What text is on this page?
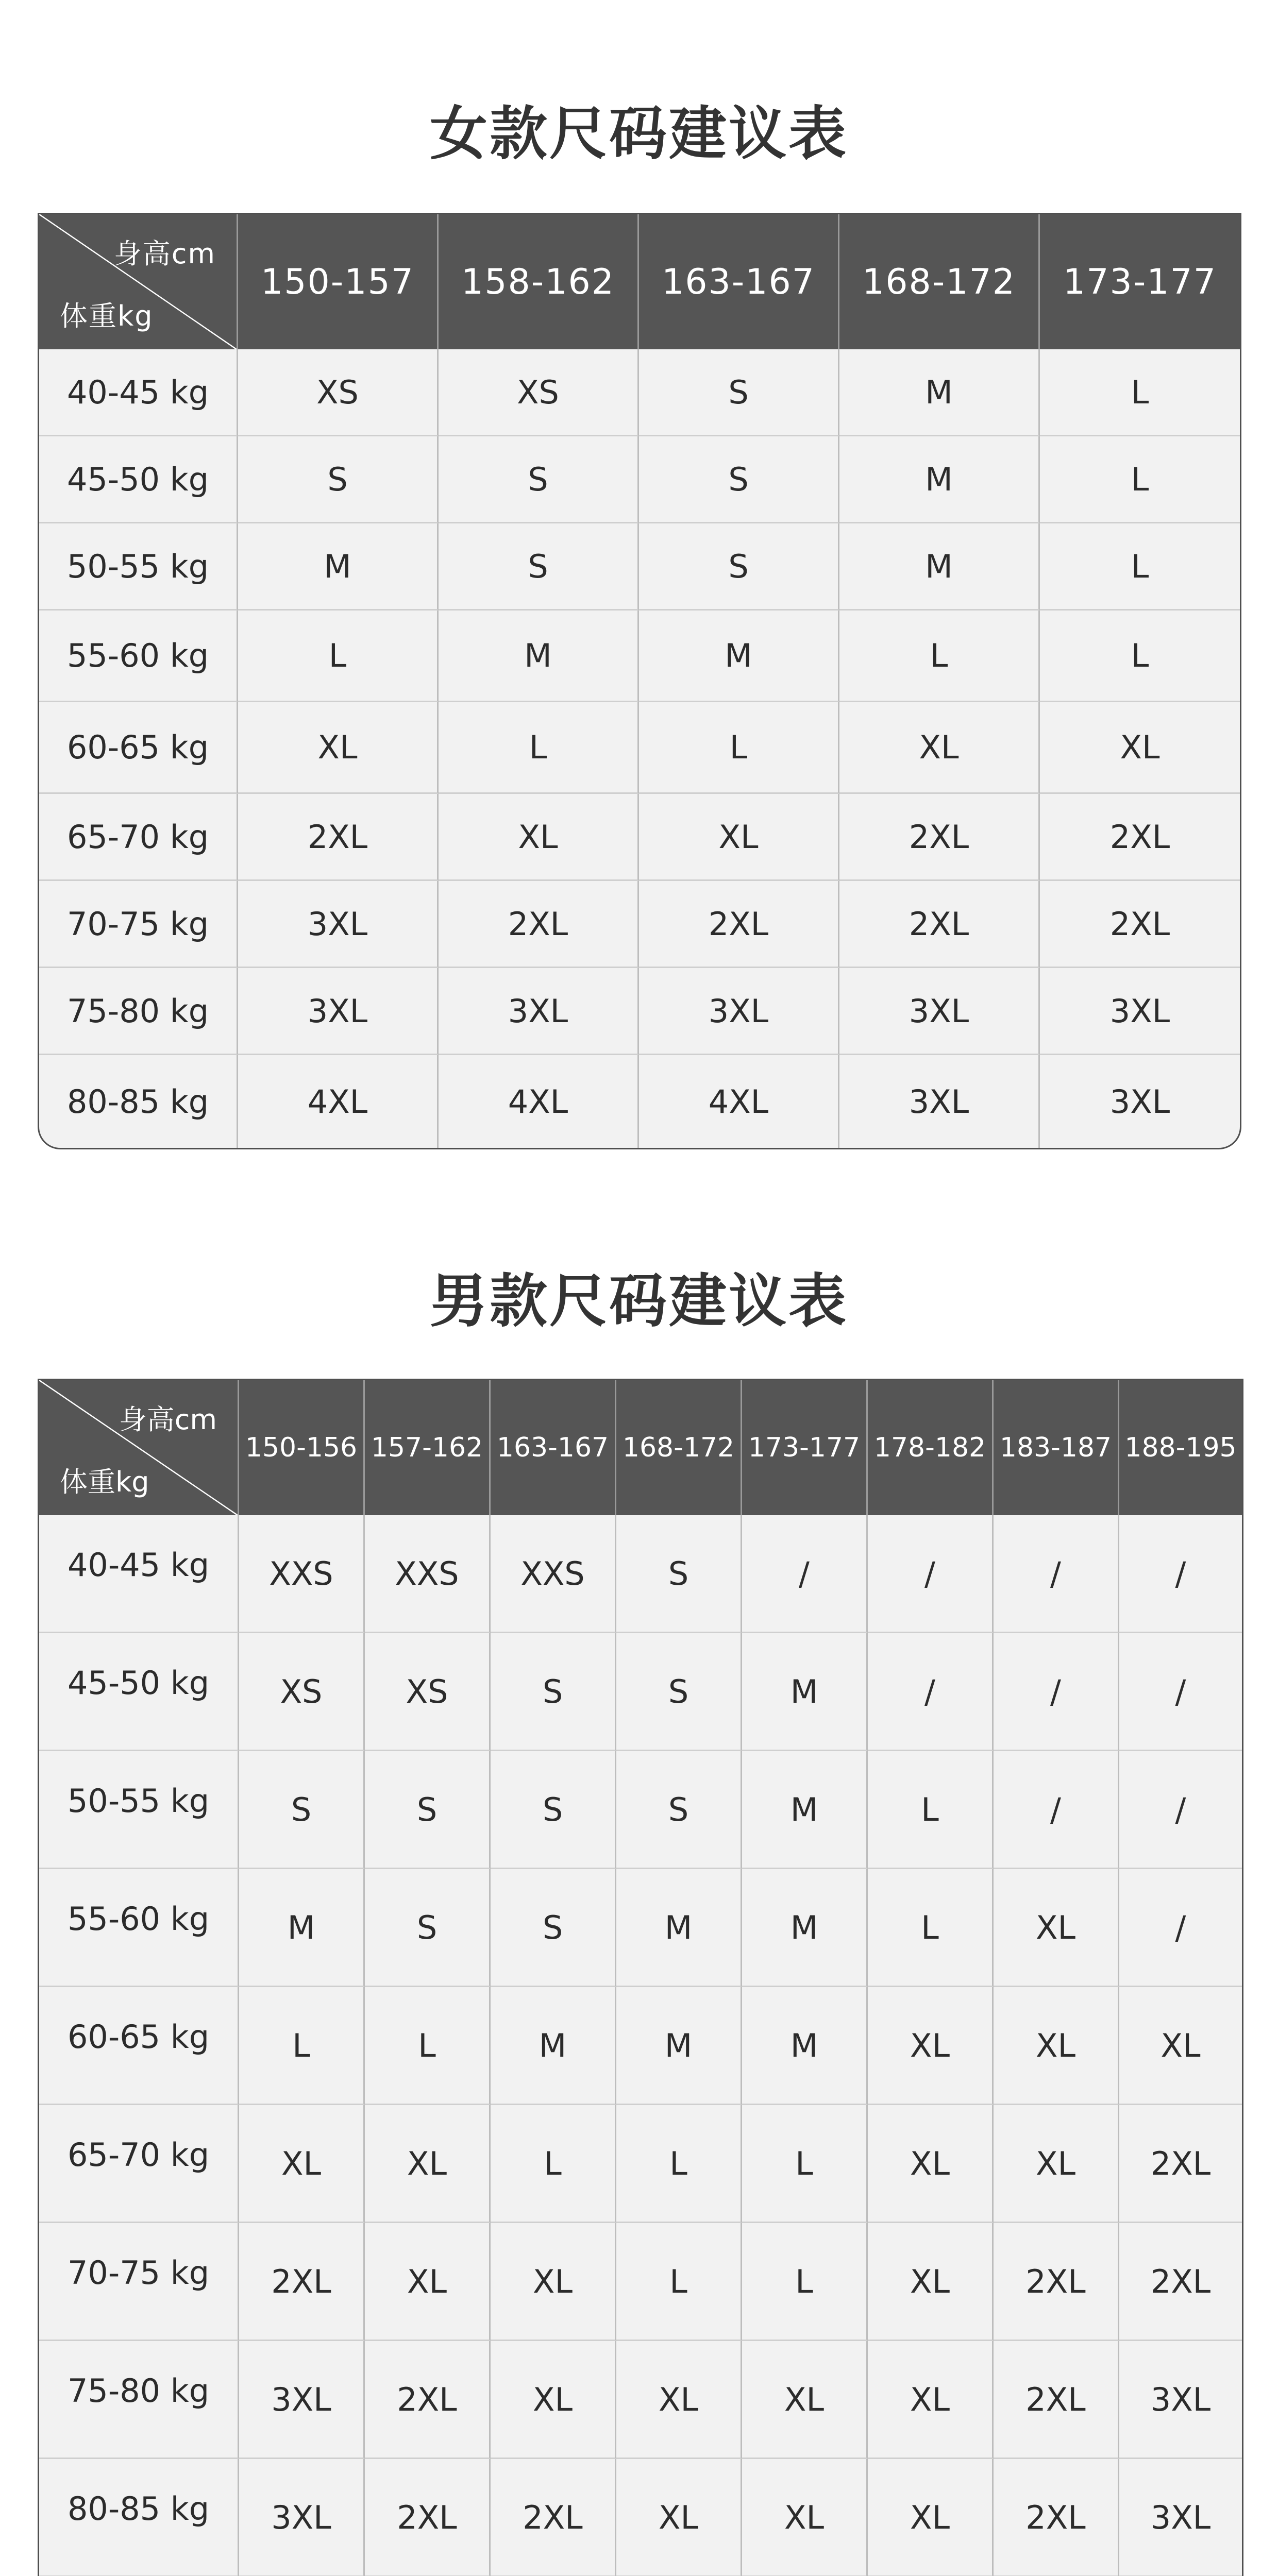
女款尺码建议表
身高cm
体重kg	150-157	158-162	163-167	168-172	173-177
40-45 kg	XS	XS	S	M	L
45-50 kg	S	S	S	M	L
50-55 kg	M	S	S	M	L
55-60 kg	L	M	M	L	L
60-65 kg	XL	L	L	XL	XL
65-70 kg	2XL	XL	XL	2XL	2XL
70-75 kg	3XL	2XL	2XL	2XL	2XL
75-80 kg	3XL	3XL	3XL	3XL	3XL
80-85 kg	4XL	4XL	4XL	3XL	3XL
男款尺码建议表
身高cm
体重kg	150-156	157-162	163-167	168-172	173-177	178-182	183-187	188-195
40-45 kg	XXS	XXS	XXS	S	/	/	/	/
45-50 kg	XS	XS	S	S	M	/	/	/
50-55 kg	S	S	S	S	M	L	/	/
55-60 kg	M	S	S	M	M	L	XL	/
60-65 kg	L	L	M	M	M	XL	XL	XL
65-70 kg	XL	XL	L	L	L	XL	XL	2XL
70-75 kg	2XL	XL	XL	L	L	XL	2XL	2XL
75-80 kg	3XL	2XL	XL	XL	XL	XL	2XL	3XL
80-85 kg	3XL	2XL	2XL	XL	XL	XL	2XL	3XL
